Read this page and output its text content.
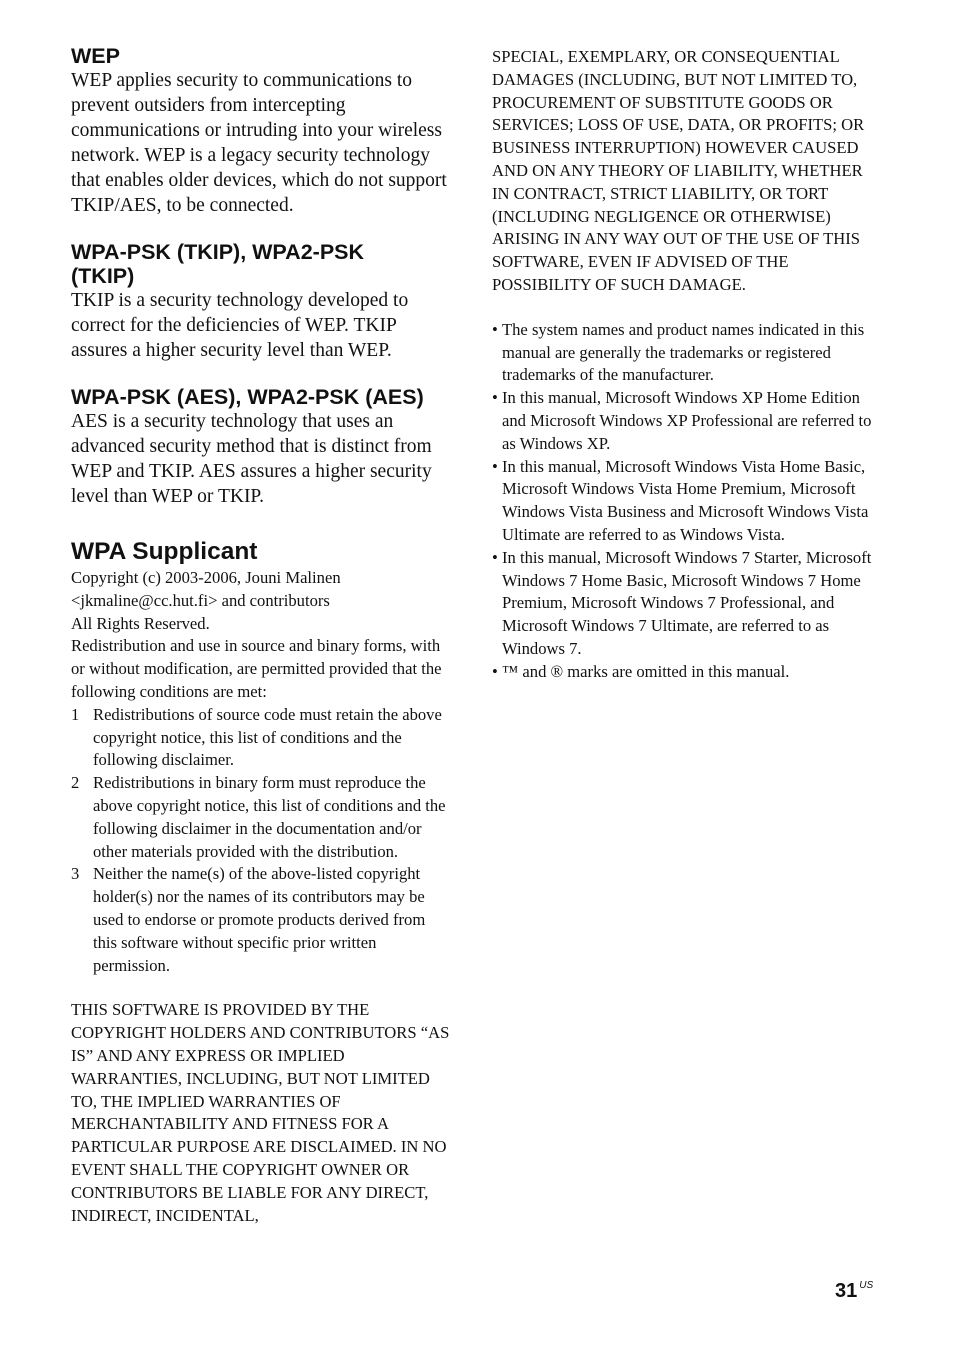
WEP

WEP applies security to communications to prevent outsiders from intercepting communications or intruding into your wireless network. WEP is a legacy security technology that enables older devices, which do not support TKIP/AES, to be connected.

WPA-PSK (TKIP), WPA2-PSK (TKIP)

TKIP is a security technology developed to correct for the deficiencies of WEP. TKIP assures a higher security level than WEP.

WPA-PSK (AES), WPA2-PSK (AES)

AES is a security technology that uses an advanced security method that is distinct from WEP and TKIP. AES assures a higher security level than WEP or TKIP.

WPA Supplicant

Copyright (c) 2003-2006, Jouni Malinen

<jkmaline@cc.hut.fi> and contributors

All Rights Reserved.

Redistribution and use in source and binary forms, with or without modification, are permitted provided that the following conditions are met:

1 Redistributions of source code must retain the above copyright notice, this list of conditions and the following disclaimer.
2 Redistributions in binary form must reproduce the above copyright notice, this list of conditions and the following disclaimer in the documentation and/or other materials provided with the distribution.
3 Neither the name(s) of the above-listed copyright holder(s) nor the names of its contributors may be used to endorse or promote products derived from this software without specific prior written permission.

THIS SOFTWARE IS PROVIDED BY THE COPYRIGHT HOLDERS AND CONTRIBUTORS “AS IS” AND ANY EXPRESS OR IMPLIED WARRANTIES, INCLUDING, BUT NOT LIMITED TO, THE IMPLIED WARRANTIES OF MERCHANTABILITY AND FITNESS FOR A PARTICULAR PURPOSE ARE DISCLAIMED. IN NO EVENT SHALL THE COPYRIGHT OWNER OR CONTRIBUTORS BE LIABLE FOR ANY DIRECT, INDIRECT, INCIDENTAL,

SPECIAL, EXEMPLARY, OR CONSEQUENTIAL DAMAGES (INCLUDING, BUT NOT LIMITED TO, PROCUREMENT OF SUBSTITUTE GOODS OR SERVICES; LOSS OF USE, DATA, OR PROFITS; OR BUSINESS INTERRUPTION) HOWEVER CAUSED AND ON ANY THEORY OF LIABILITY, WHETHER IN CONTRACT, STRICT LIABILITY, OR TORT (INCLUDING NEGLIGENCE OR OTHERWISE) ARISING IN ANY WAY OUT OF THE USE OF THIS SOFTWARE, EVEN IF ADVISED OF THE POSSIBILITY OF SUCH DAMAGE.

• The system names and product names indicated in this manual are generally the trademarks or registered trademarks of the manufacturer.
• In this manual, Microsoft Windows XP Home Edition and Microsoft Windows XP Professional are referred to as Windows XP.
• In this manual, Microsoft Windows Vista Home Basic, Microsoft Windows Vista Home Premium, Microsoft Windows Vista Business and Microsoft Windows Vista Ultimate are referred to as Windows Vista.
• In this manual, Microsoft Windows 7 Starter, Microsoft Windows 7 Home Basic, Microsoft Windows 7 Home Premium, Microsoft Windows 7 Professional, and Microsoft Windows 7 Ultimate, are referred to as Windows 7.
• ™ and ® marks are omitted in this manual.
31 $^{US}$
